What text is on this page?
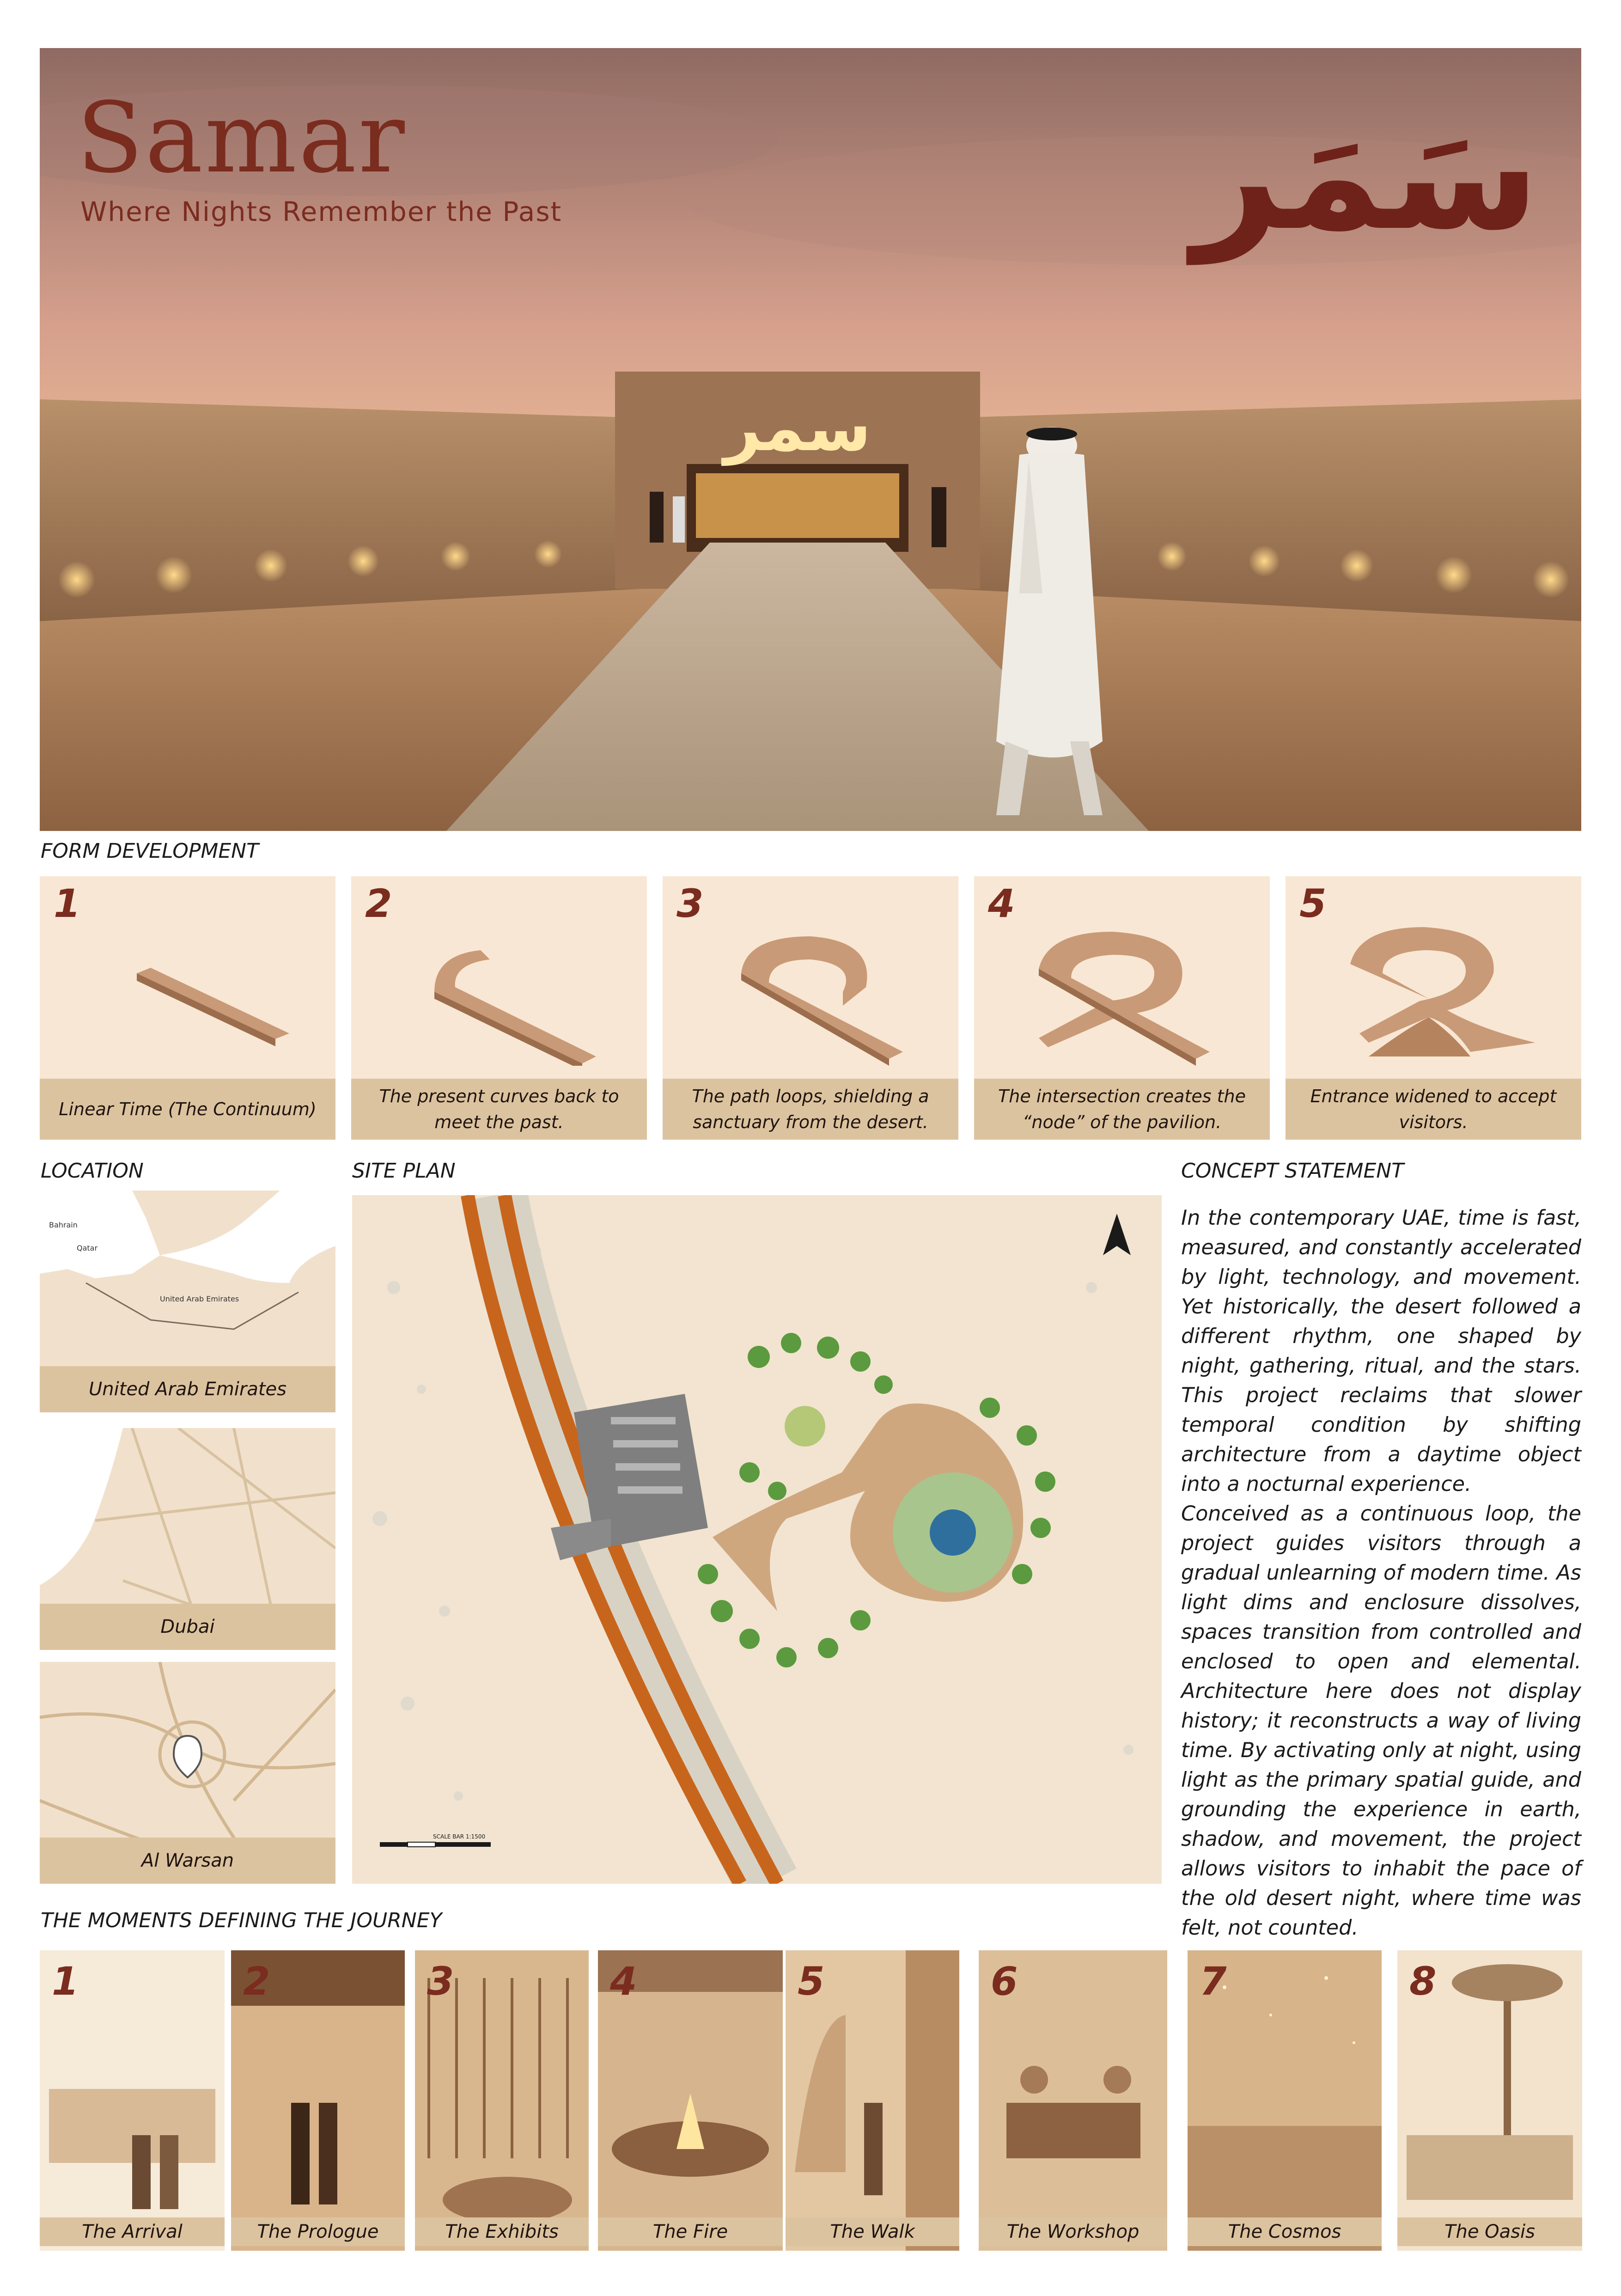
سمر
Samar
Where Nights Remember the Past	سَمَر
FORM DEVELOPMENT
1
Linear Time (The Continuum)
2
The present curves back to meet the past.
3
The path loops, shielding a sanctuary from the desert.
4
The intersection creates the “node” of the pavilion.
5
Entrance widened to accept visitors.
LOCATION
Bahrain
Qatar
United Arab Emirates
United Arab Emirates
Dubai
Al Warsan
SITE PLAN
SCALE BAR 1:1500
CONCEPT STATEMENT

In the contemporary UAE, time is fast, measured, and constantly accelerated by light, technology, and movement. Yet historically, the desert followed a different rhythm, one shaped by night, gathering, ritual, and the stars. This project reclaims that slower temporal condition by shifting architecture from a daytime object into a nocturnal experience.

Conceived as a continuous loop, the project guides visitors through a gradual unlearning of modern time. As light dims and enclosure dissolves, spaces transition from controlled and enclosed to open and elemental. Architecture here does not display history; it reconstructs a way of living time. By activating only at night, using light as the primary spatial guide, and grounding the experience in earth, shadow, and movement, the project allows visitors to inhabit the pace of the old desert night, where time was felt, not counted.

THE MOMENTS DEFINING THE JOURNEY
1
The Arrival
2
The Prologue
3
The Exhibits
4
The Fire
5
The Walk
6
The Workshop
7
The Cosmos
8
The Oasis
